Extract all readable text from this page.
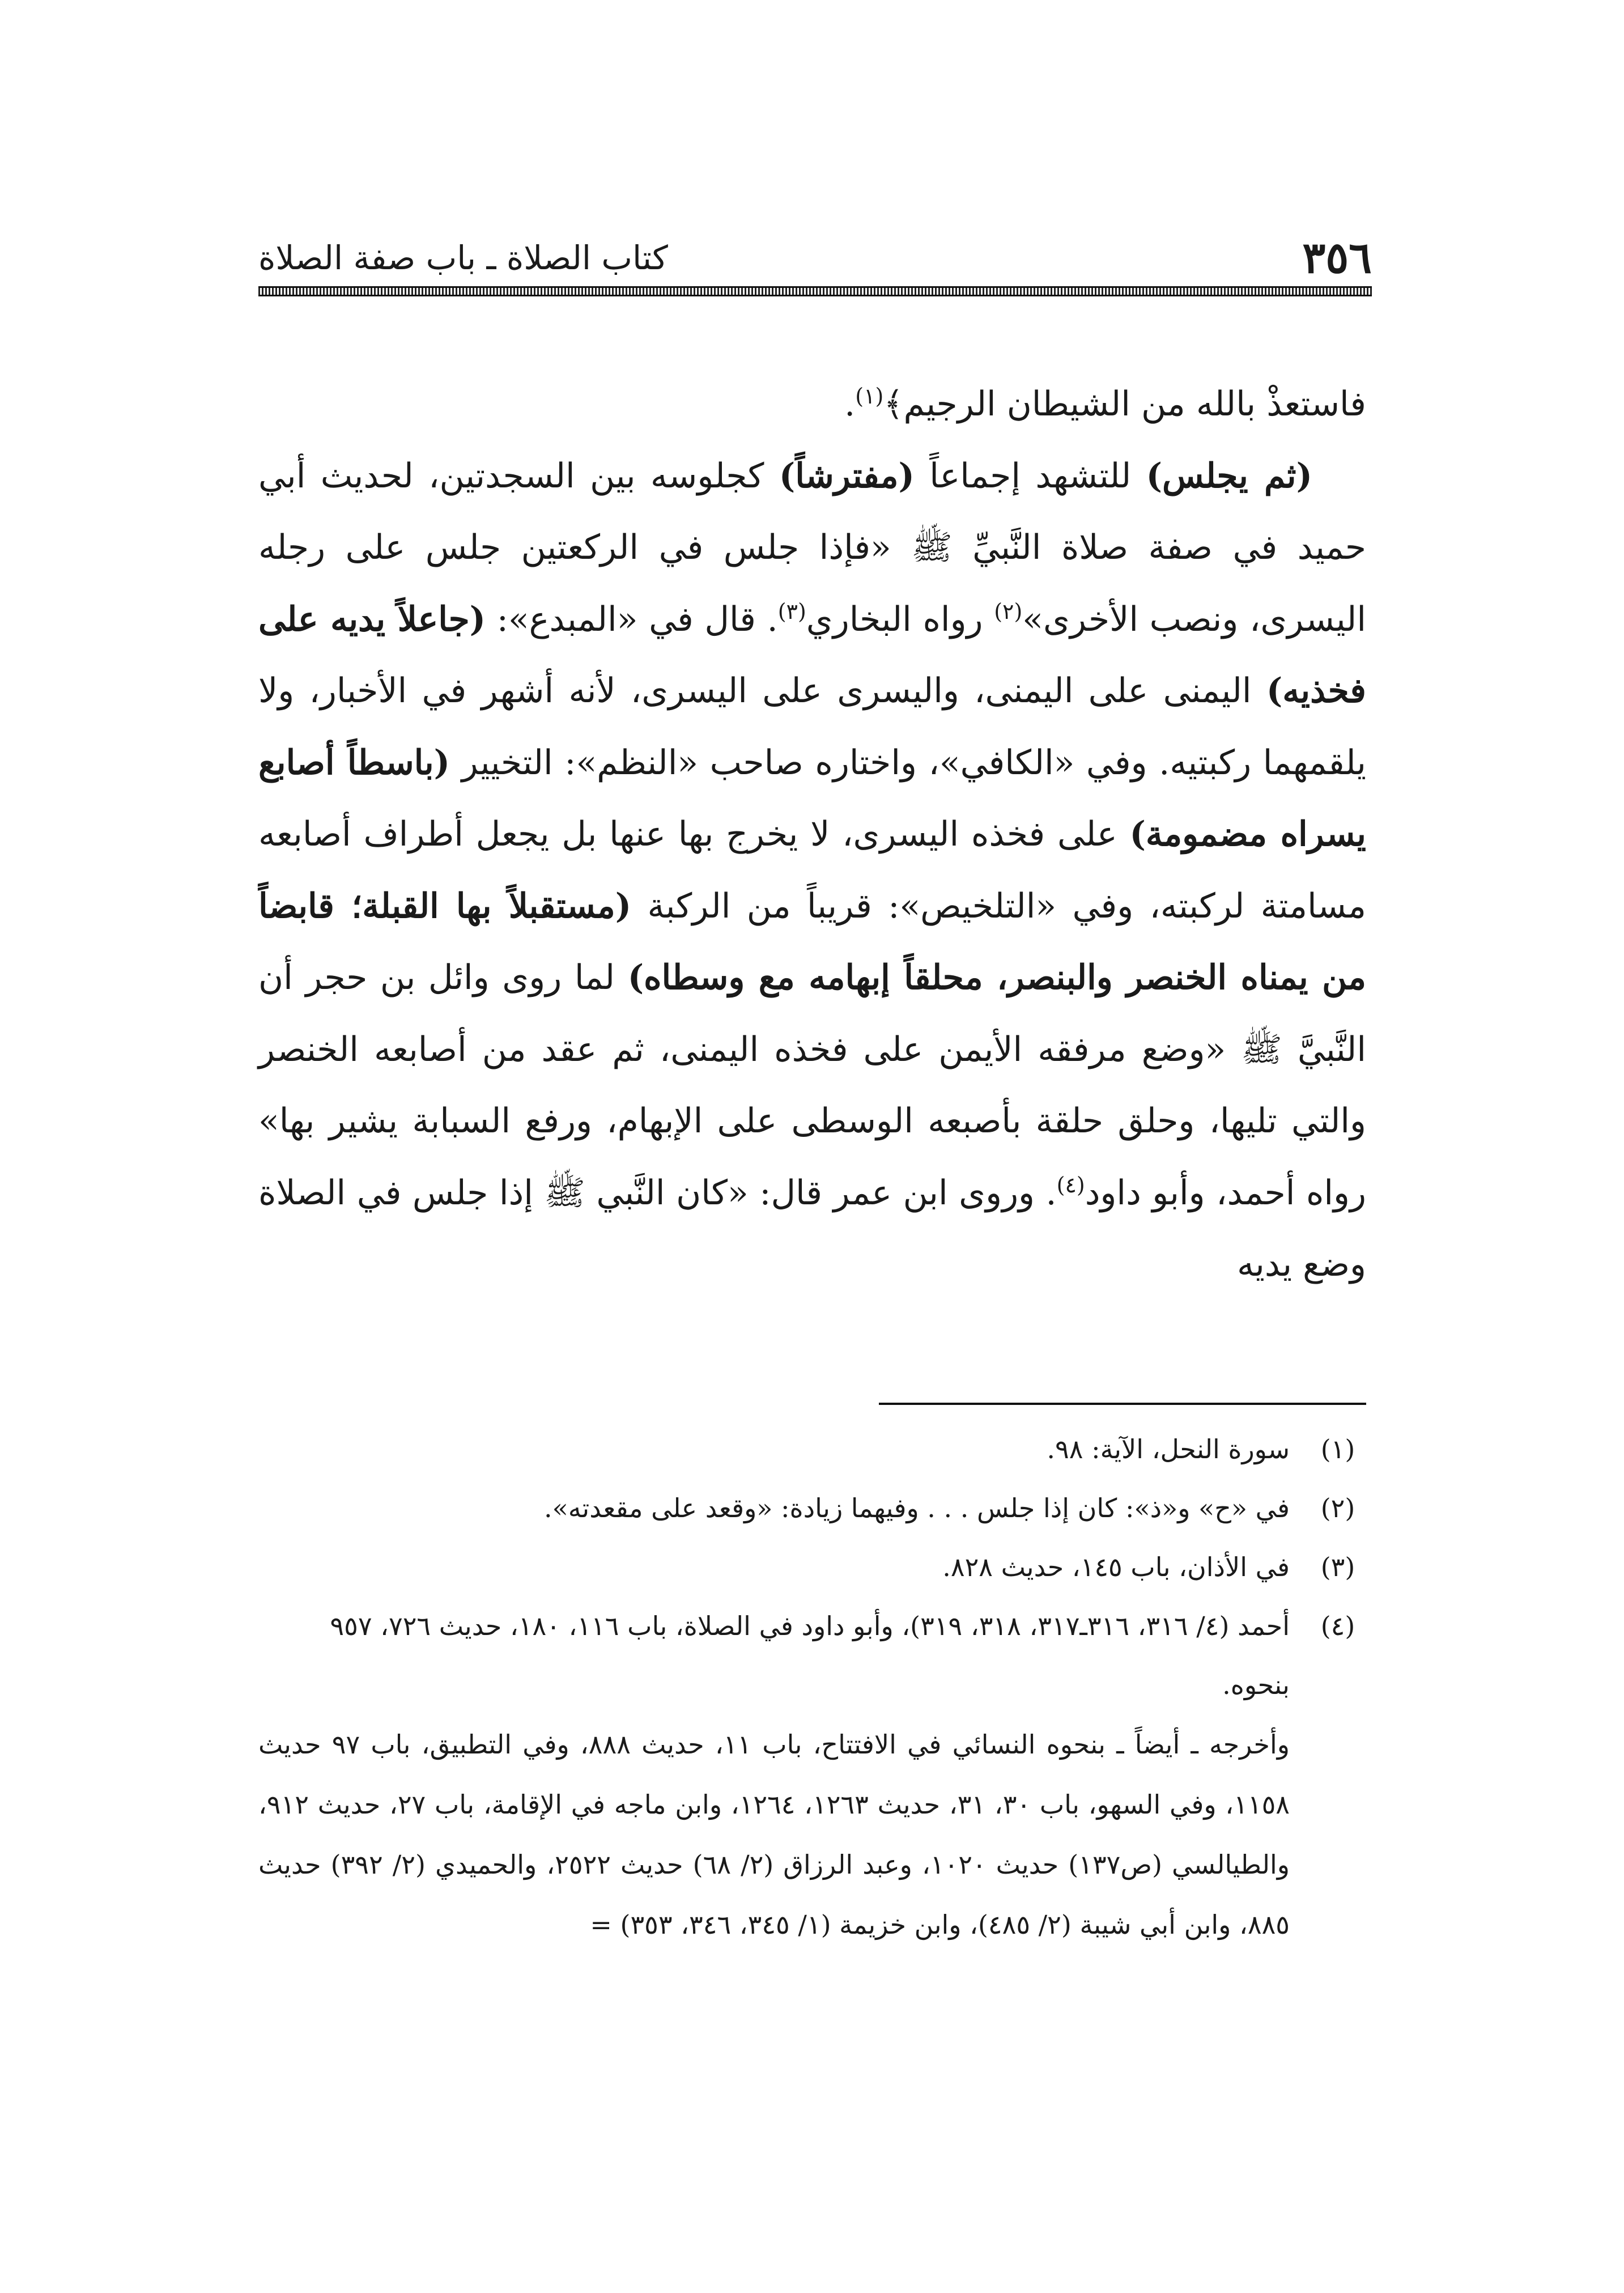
٣٥٦
كتاب الصلاة ـ باب صفة الصلاة

فاستعذْ بالله من الشيطان الرجيم﴾$^{(١)}$.

(ثم يجلس) للتشهد إجماعاً (مفترشاً) كجلوسه بين السجدتين، لحديث أبي حميد في صفة صلاة النَّبيِّ ﷺ «فإذا جلس في الركعتين جلس على رجله اليسرى، ونصب الأخرى»$^{(٢)}$ رواه البخاري$^{(٣)}$. قال في «المبدع»: (جاعلاً يديه على فخذيه) اليمنى على اليمنى، واليسرى على اليسرى، لأنه أشهر في الأخبار، ولا يلقمهما ركبتيه. وفي «الكافي»، واختاره صاحب «النظم»: التخيير (باسطاً أصابع يسراه مضمومة) على فخذه اليسرى، لا يخرج بها عنها بل يجعل أطراف أصابعه مسامتة لركبته، وفي «التلخيص»: قريباً من الركبة (مستقبلاً بها القبلة؛ قابضاً من يمناه الخنصر والبنصر، محلقاً إبهامه مع وسطاه) لما روى وائل بن حجر أن النَّبيَّ ﷺ «وضع مرفقه الأيمن على فخذه اليمنى، ثم عقد من أصابعه الخنصر والتي تليها، وحلق حلقة بأصبعه الوسطى على الإبهام، ورفع السبابة يشير بها» رواه أحمد، وأبو داود$^{(٤)}$. وروى ابن عمر قال: «كان النَّبي ﷺ إذا جلس في الصلاة وضع يديه

(١)
سورة النحل، الآية: ٩٨.
(٢)
في «ح» و«ذ»: كان إذا جلس . . . وفيهما زيادة: «وقعد على مقعدته».
(٣)
في الأذان، باب ١٤٥، حديث ٨٢٨.
(٤)
أحمد (٤/ ٣١٦، ٣١٦ـ٣١٧، ٣١٨، ٣١٩)، وأبو داود في الصلاة، باب ١١٦، ١٨٠، حديث ٧٢٦، ٩٥٧ بنحوه.
وأخرجه ـ أيضاً ـ بنحوه النسائي في الافتتاح، باب ١١، حديث ٨٨٨، وفي التطبيق، باب ٩٧ حديث ١١٥٨، وفي السهو، باب ٣٠، ٣١، حديث ١٢٦٣، ١٢٦٤، وابن ماجه في الإقامة، باب ٢٧، حديث ٩١٢، والطيالسي (ص١٣٧) حديث ١٠٢٠، وعبد الرزاق (٢/ ٦٨) حديث ٢٥٢٢، والحميدي (٢/ ٣٩٢) حديث ٨٨٥، وابن أبي شيبة (٢/ ٤٨٥)، وابن خزيمة (١/ ٣٤٥، ٣٤٦، ٣٥٣) =
